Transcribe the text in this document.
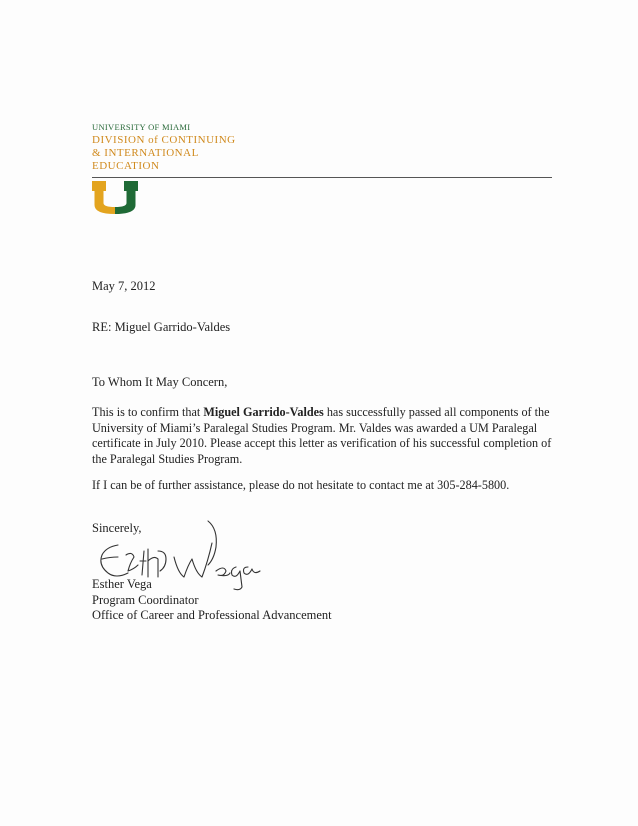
UNIVERSITY OF MIAMI
DIVISION of CONTINUING
& INTERNATIONAL
EDUCATION
May 7, 2012
RE: Miguel Garrido-Valdes
To Whom It May Concern,

This is to confirm that Miguel Garrido-Valdes has successfully passed all components of the University of Miami’s Paralegal Studies Program. Mr. Valdes was awarded a UM Paralegal certificate in July 2010. Please accept this letter as verification of his successful completion of the Paralegal Studies Program.

If I can be of further assistance, please do not hesitate to contact me at 305-284-5800.

Sincerely,
Esther Vega
Program Coordinator
Office of Career and Professional Advancement
